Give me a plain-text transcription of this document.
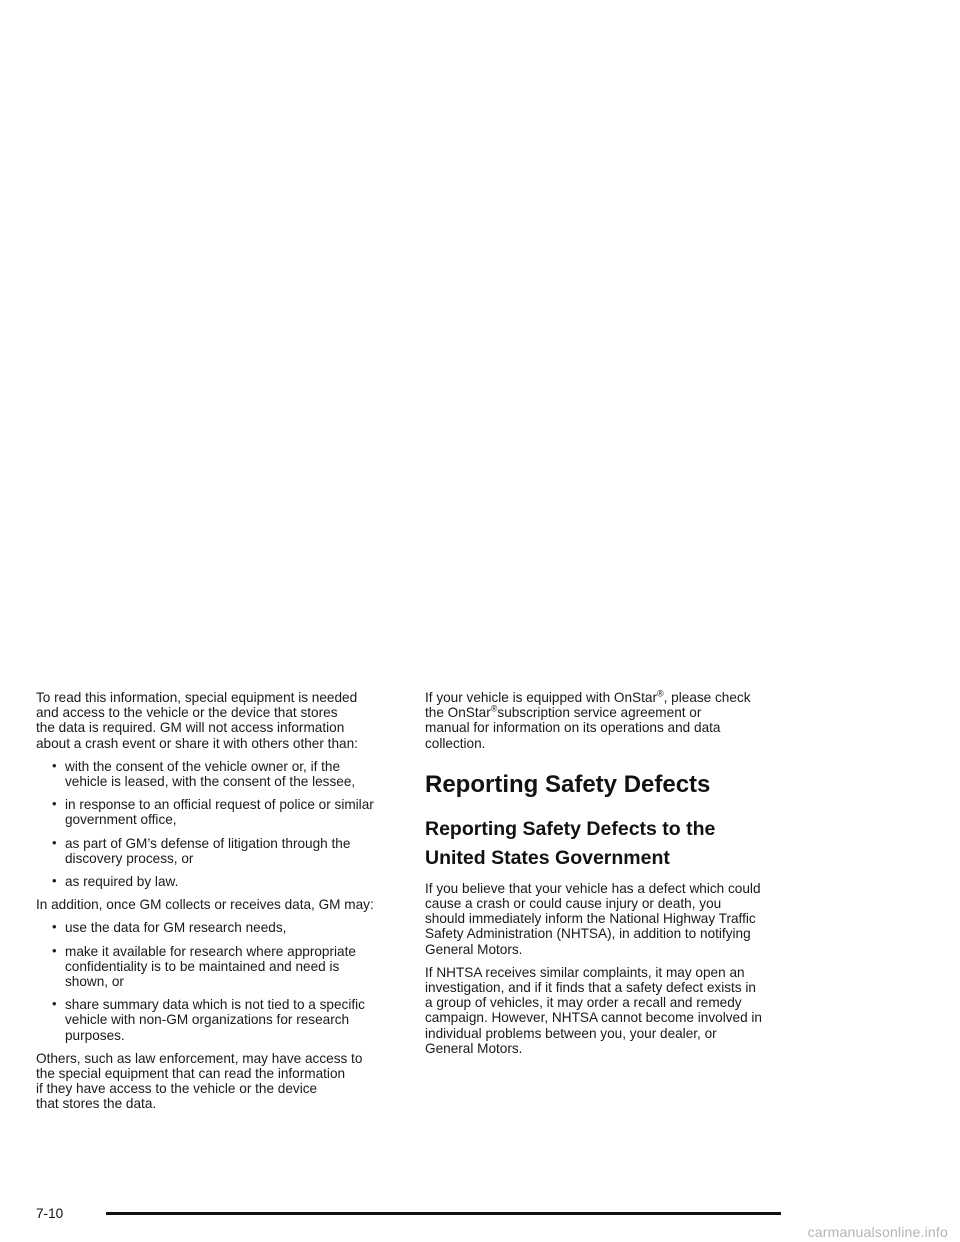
To read this information, special equipment is needed
and access to the vehicle or the device that stores
the data is required. GM will not access information
about a crash event or share it with others other than:

• with the consent of the vehicle owner or, if the
vehicle is leased, with the consent of the lessee,
• in response to an official request of police or similar
government office,
• as part of GM’s defense of litigation through the
discovery process, or
• as required by law.

In addition, once GM collects or receives data, GM may:

• use the data for GM research needs,
• make it available for research where appropriate
confidentiality is to be maintained and need is
shown, or
• share summary data which is not tied to a specific
vehicle with non-GM organizations for research
purposes.

Others, such as law enforcement, may have access to
the special equipment that can read the information
if they have access to the vehicle or the device
that stores the data.

If your vehicle is equipped with OnStar®, please check
the OnStar®subscription service agreement or
manual for information on its operations and data
collection.

Reporting Safety Defects
Reporting Safety Defects to the
United States Government

If you believe that your vehicle has a defect which could
cause a crash or could cause injury or death, you
should immediately inform the National Highway Traffic
Safety Administration (NHTSA), in addition to notifying
General Motors.

If NHTSA receives similar complaints, it may open an
investigation, and if it finds that a safety defect exists in
a group of vehicles, it may order a recall and remedy
campaign. However, NHTSA cannot become involved in
individual problems between you, your dealer, or
General Motors.

7-10
carmanualsonline.info
